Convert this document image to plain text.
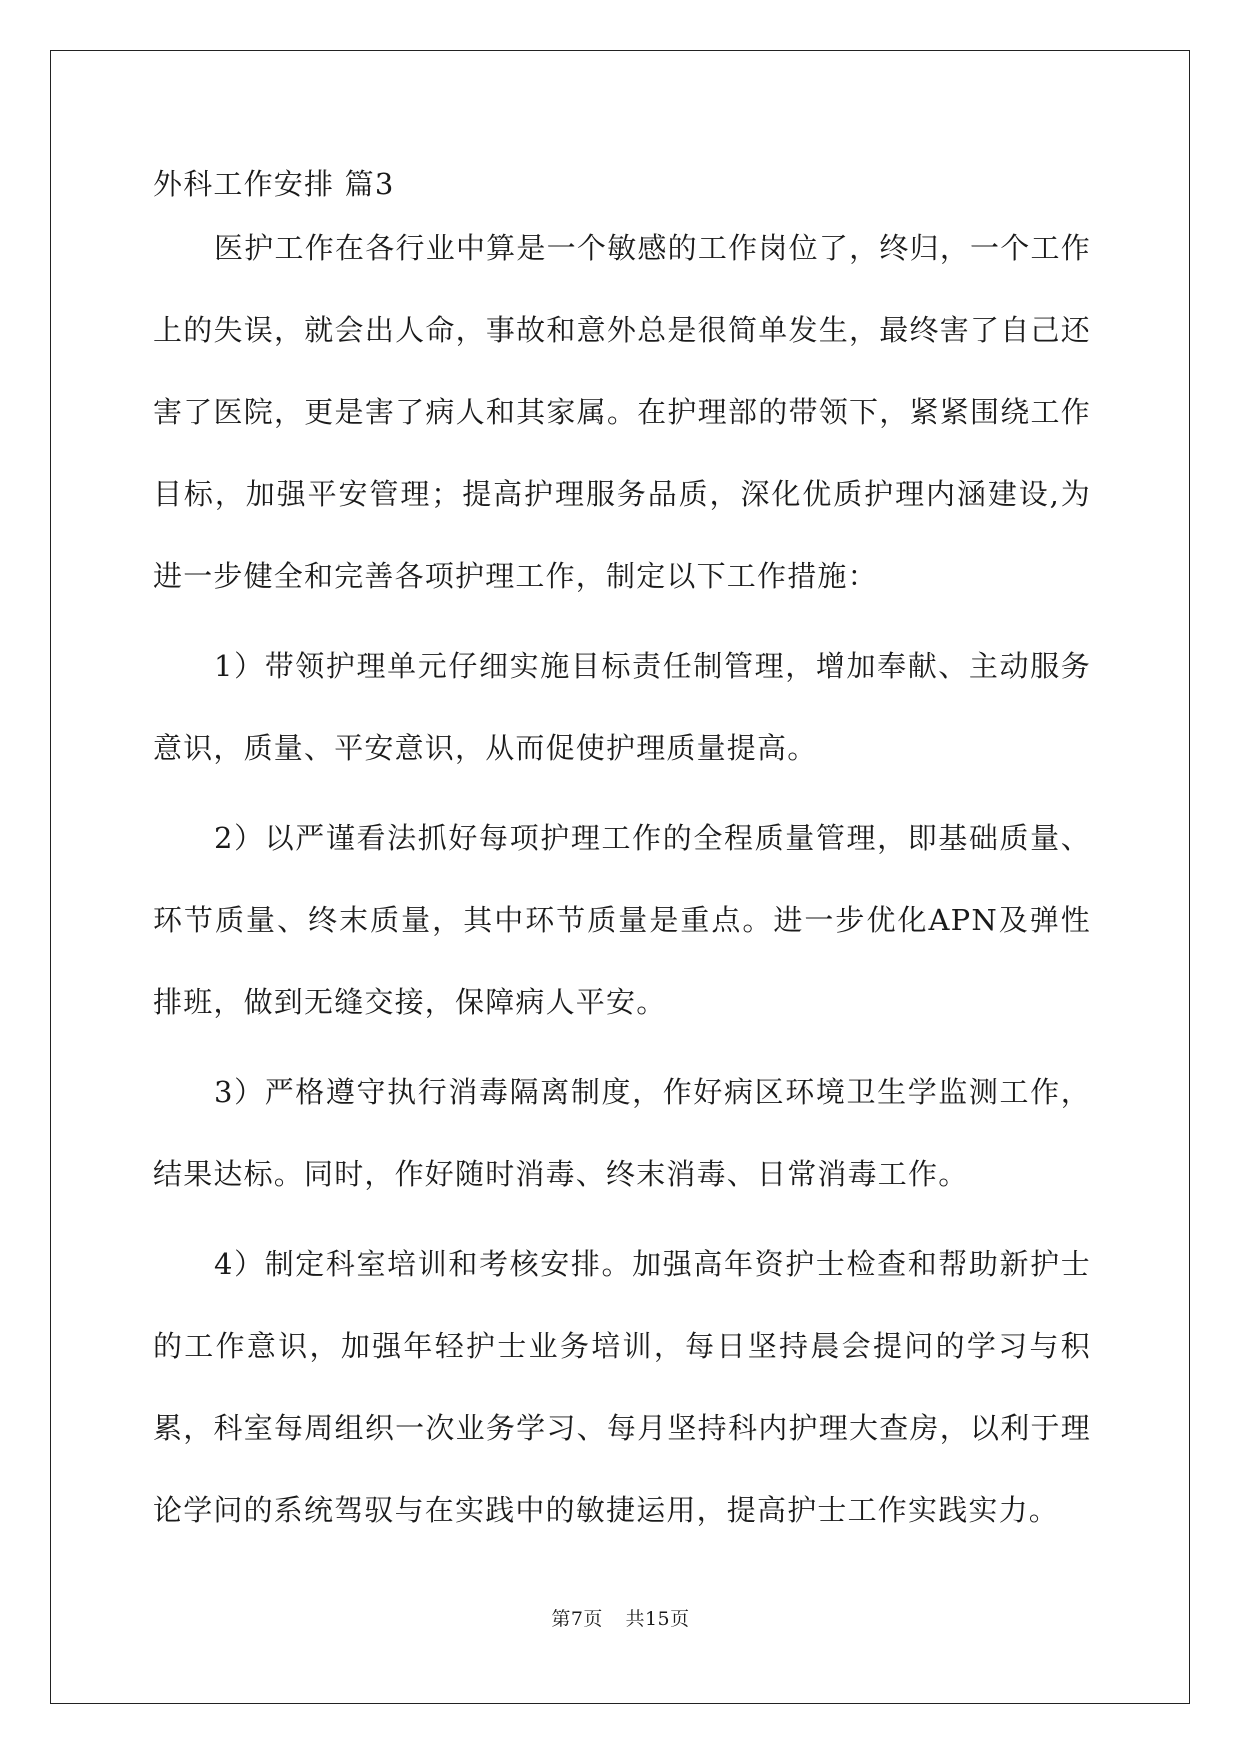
外科工作安排 篇3

医护工作在各行业中算是一个敏感的工作岗位了，终归，一个工作上的失误，就会出人命，事故和意外总是很简单发生，最终害了自己还害了医院，更是害了病人和其家属。在护理部的带领下，紧紧围绕工作目标，加强平安管理；提高护理服务品质，深化优质护理内涵建设,为进一步健全和完善各项护理工作，制定以下工作措施：

1）带领护理单元仔细实施目标责任制管理，增加奉献、主动服务意识，质量、平安意识，从而促使护理质量提高。

2）以严谨看法抓好每项护理工作的全程质量管理，即基础质量、环节质量、终末质量，其中环节质量是重点。进一步优化APN及弹性排班，做到无缝交接，保障病人平安。

3）严格遵守执行消毒隔离制度，作好病区环境卫生学监测工作，结果达标。同时，作好随时消毒、终末消毒、日常消毒工作。

4）制定科室培训和考核安排。加强高年资护士检查和帮助新护士的工作意识，加强年轻护士业务培训，每日坚持晨会提问的学习与积累，科室每周组织一次业务学习、每月坚持科内护理大查房，以利于理论学问的系统驾驭与在实践中的敏捷运用，提高护士工作实践实力。

第7页 共15页
